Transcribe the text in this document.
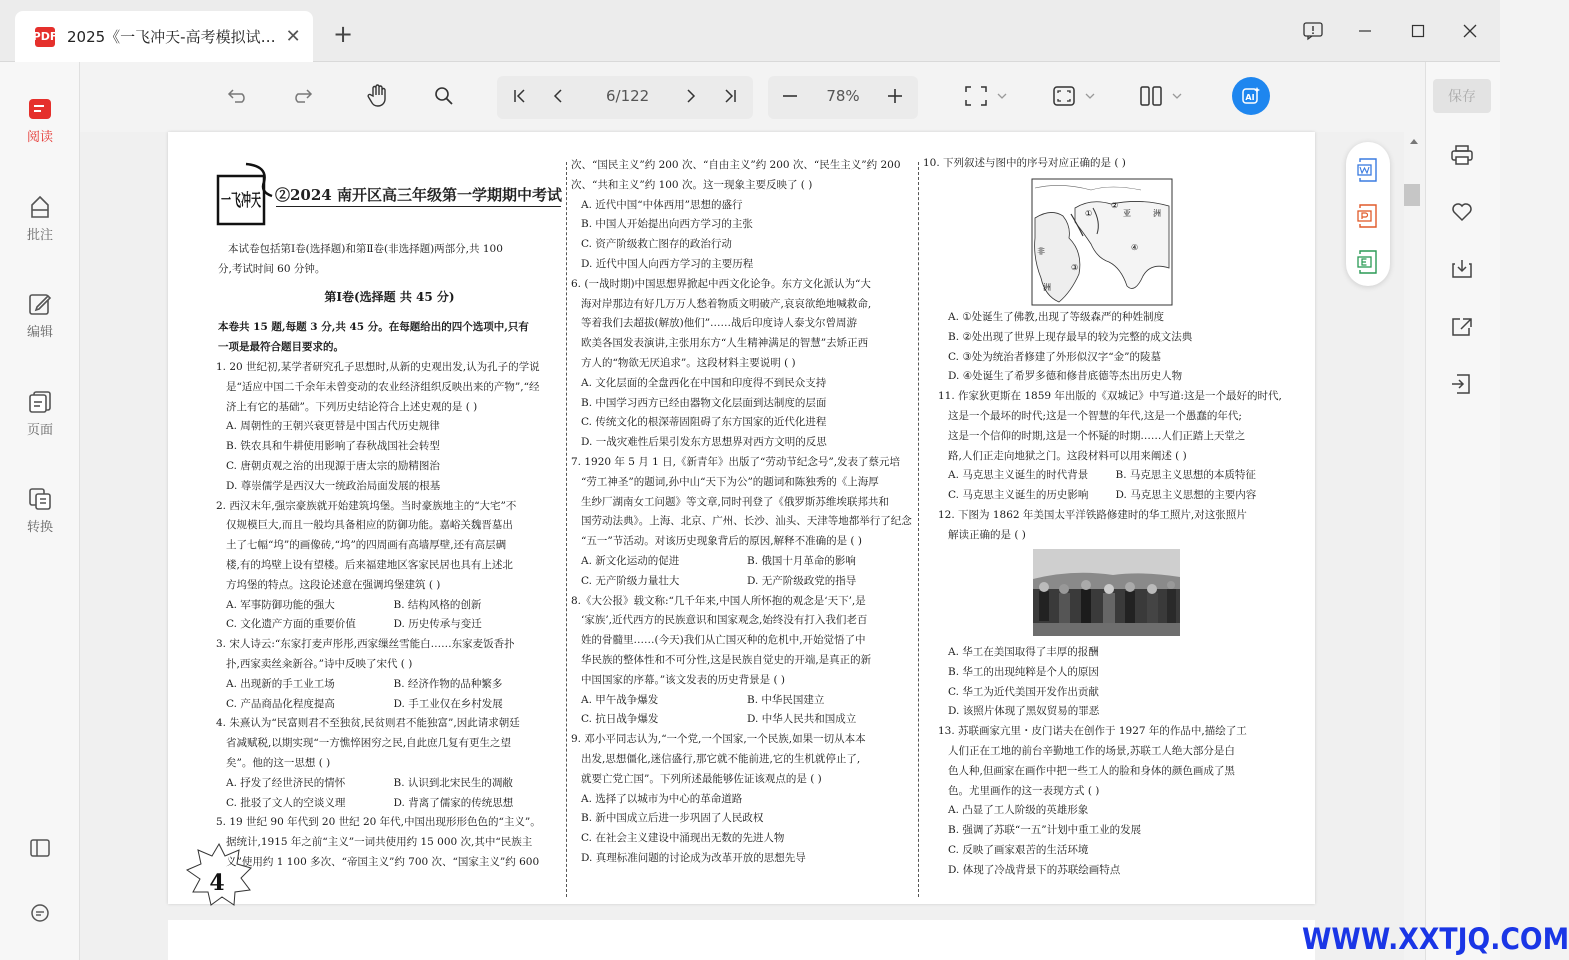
PDF 2025《一飞冲天-高考模拟试… ✕ +
阅读
批注
编辑
页面
转换
6/122	78%	AI	保存
一飞冲天
②2024 南开区高三年级第一学期期中考试

本试卷包括第Ⅰ卷(选择题)和第Ⅱ卷(非选择题)两部分,共 100

分,考试时间 60 分钟。

第Ⅰ卷(选择题 共 45 分)

本卷共 15 题,每题 3 分,共 45 分。在每题给出的四个选项中,只有

一项是最符合题目要求的。

1. 20 世纪初,某学者研究孔子思想时,从新的史观出发,认为孔子的学说

是“适应中国二千余年未曾变动的农业经济组织反映出来的产物”,“经

济上有它的基础”。下列历史结论符合上述史观的是 ( )

A. 周朝性的王朝兴衰更替是中国古代历史规律

B. 铁农具和牛耕使用影响了春秋战国社会转型

C. 唐朝贞观之治的出现源于唐太宗的励精图治

D. 尊崇儒学是西汉大一统政治局面发展的根基

2. 西汉末年,强宗豪族就开始建筑坞堡。当时豪族地主的“大宅”不

仅规模巨大,而且一般均具备相应的防御功能。嘉峪关魏晋墓出

土了七幅“坞”的画像砖,“坞”的四周画有高墙厚壁,还有高层碉

楼,有的坞壁上设有望楼。后来福建地区客家民居也具有上述北

方坞堡的特点。这段论述意在强调坞堡建筑 ( )

A. 军事防御功能的强大	B. 结构风格的创新

C. 文化遗产方面的重要价值	D. 历史传承与变迁

3. 宋人诗云:“东家打麦声彤彤,西家缫丝雪能白……东家麦饭香扑

扑,西家卖丝籴新谷。”诗中反映了宋代 ( )

A. 出现新的手工业工场	B. 经济作物的品种繁多

C. 产品商品化程度提高	D. 手工业仅在乡村发展

4. 朱熹认为“民富则君不至独贫,民贫则君不能独富”,因此请求朝廷

省减赋税,以期实现“一方憔悴困穷之民,自此庶几复有更生之望

矣”。他的这一思想 ( )

A. 抒发了经世济民的情怀	B. 认识到北宋民生的凋敝

C. 批驳了文人的空谈义理	D. 背离了儒家的传统思想

5. 19 世纪 90 年代到 20 世纪 20 年代,中国出现形形色色的“主义”。

据统计,1915 年之前“主义”一词共使用约 15 000 次,其中“民族主

义”使用约 1 100 多次、“帝国主义”约 700 次、“国家主义”约 600

次、“国民主义”约 200 次、“自由主义”约 200 次、“民生主义”约 200

次、“共和主义”约 100 次。这一现象主要反映了 ( )

A. 近代中国“中体西用”思想的盛行

B. 中国人开始提出向西方学习的主张

C. 资产阶级救亡图存的政治行动

D. 近代中国人向西方学习的主要历程

6. (一战时期)中国思想界掀起中西文化论争。东方文化派认为“大

海对岸那边有好几万万人愁着物质文明破产,哀哀欲绝地喊救命,

等着我们去超拔(解放)他们”……战后印度诗人泰戈尔曾周游

欧美各国发表演讲,主张用东方“人生精神满足的智慧”去矫正西

方人的“物欲无厌追求”。这段材料主要说明 ( )

A. 文化层面的全盘西化在中国和印度得不到民众支持

B. 中国学习西方已经由器物文化层面到达制度的层面

C. 传统文化的根深蒂固阻碍了东方国家的近代化进程

D. 一战灾难性后果引发东方思想界对西方文明的反思

7. 1920 年 5 月 1 日,《新青年》出版了“劳动节纪念号”,发表了蔡元培

“劳工神圣”的题词,孙中山“天下为公”的题词和陈独秀的《上海厚

生纱厂湖南女工问题》等文章,同时刊登了《俄罗斯苏维埃联邦共和

国劳动法典》。上海、北京、广州、长沙、汕头、天津等地都举行了纪念

“五一”节活动。对该历史现象背后的原因,解释不准确的是 ( )

A. 新文化运动的促进	B. 俄国十月革命的影响

C. 无产阶级力量壮大	D. 无产阶级政党的指导

8.《大公报》载文称:“几千年来,中国人所怀抱的观念是‘天下’,是

‘家族’,近代西方的民族意识和国家观念,始终没有打入我们老百

姓的骨髓里……(今天)我们从亡国灭种的危机中,开始觉悟了中

华民族的整体性和不可分性,这是民族自觉史的开端,是真正的新

中国国家的序幕。”该文发表的历史背景是 ( )

A. 甲午战争爆发	B. 中华民国建立

C. 抗日战争爆发	D. 中华人民共和国成立

9. 邓小平同志认为,“一个党,一个国家,一个民族,如果一切从本本

出发,思想僵化,迷信盛行,那它就不能前进,它的生机就停止了,

就要亡党亡国”。下列所述最能够佐证该观点的是 ( )

A. 选择了以城市为中心的革命道路

B. 新中国成立后进一步巩固了人民政权

C. 在社会主义建设中涌现出无数的先进人物

D. 真理标准问题的讨论成为改革开放的思想先导

10. 下列叙述与图中的序号对应正确的是 ( )

亚	洲
非
洲
①
②
③
④

A. ①处诞生了佛教,出现了等级森严的种姓制度

B. ②处出现了世界上现存最早的较为完整的成文法典

C. ③处为统治者修建了外形似汉字“金”的陵墓

D. ④处诞生了希罗多德和修昔底德等杰出历史人物

11. 作家狄更斯在 1859 年出版的《双城记》中写道:这是一个最好的时代,

这是一个最坏的时代;这是一个智慧的年代,这是一个愚蠢的年代;

这是一个信仰的时期,这是一个怀疑的时期……人们正踏上天堂之

路,人们正走向地狱之门。这段材料可以用来阐述 ( )

A. 马克思主义诞生的时代背景	B. 马克思主义思想的本质特征

C. 马克思主义诞生的历史影响	D. 马克思主义思想的主要内容

12. 下图为 1862 年美国太平洋铁路修建时的华工照片,对这张照片

解读正确的是 ( )

A. 华工在美国取得了丰厚的报酬

B. 华工的出现纯粹是个人的原因

C. 华工为近代美国开发作出贡献

D. 该照片体现了黑奴贸易的罪恶

13. 苏联画家亢里・皮门诺夫在创作于 1927 年的作品中,描绘了工

人们正在工地的前台辛勤地工作的场景,苏联工人绝大部分是白

色人种,但画家在画作中把一些工人的脸和身体的颜色画成了黑

色。尤里画作的这一表现方式 ( )

A. 凸显了工人阶级的英雄形象

B. 强调了苏联“一五”计划中重工业的发展

C. 反映了画家艰苦的生活环境

D. 体现了冷战背景下的苏联绘画特点

4
WWW.XXTJQ.COM
